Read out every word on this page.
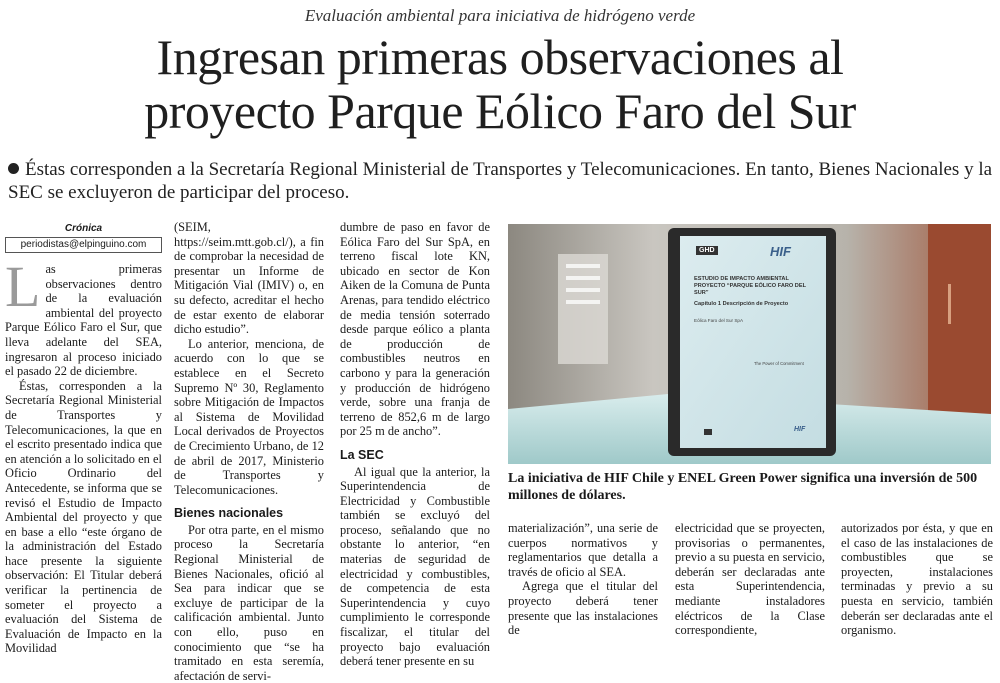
Evaluación ambiental para iniciativa de hidrógeno verde
Ingresan primeras observaciones al
proyecto Parque Eólico Faro del Sur
Éstas corresponden a la Secretaría Regional Ministerial de Transportes y Telecomunicaciones. En tanto, Bienes Nacionales y la SEC se excluyeron de participar del proceso.
Crónica
periodistas@elpinguino.com
L as primeras observaciones dentro de la evaluación ambiental del proyecto Parque Eólico Faro el Sur, que lleva adelante del SEA, ingresaron al proceso iniciado el pasado 22 de diciembre.

Éstas, corresponden a la Secretaría Regional Ministerial de Transportes y Telecomunicaciones, la que en el escrito presentado indica que en atención a lo solicitado en el Oficio Ordinario del Antecedente, se informa que se revisó el Estudio de Impacto Ambiental del proyecto y que en base a ello “este órgano de la administración del Estado hace presente la siguiente observación: El Titular deberá verificar la pertinencia de someter el proyecto a evaluación del Sistema de Evaluación de Impacto en la Movilidad

(SEIM, https://seim.mtt.gob.cl/), a fin de comprobar la necesidad de presentar un Informe de Mitigación Vial (IMIV) o, en su defecto, acreditar el hecho de estar exento de elaborar dicho estudio”.

Lo anterior, menciona, de acuerdo con lo que se establece en el Secreto Supremo Nº 30, Reglamento sobre Mitigación de Impactos al Sistema de Movilidad Local derivados de Proyectos de Crecimiento Urbano, de 12 de abril de 2017, Ministerio de Transportes y Telecomunicaciones.

Bienes nacionales

Por otra parte, en el mismo proceso la Secretaría Regional Ministerial de Bienes Nacionales, ofició al Sea para indicar que se excluye de participar de la calificación ambiental. Junto con ello, puso en conocimiento que “se ha tramitado en esta seremía, afectación de servi-

dumbre de paso en favor de Eólica Faro del Sur SpA, en terreno fiscal lote KN, ubicado en sector de Kon Aiken de la Comuna de Punta Arenas, para tendido eléctrico de media tensión soterrado desde parque eólico a planta de producción de combustibles neutros en carbono y para la generación y producción de hidrógeno verde, sobre una franja de terreno de 852,6 m de largo por 25 m de ancho”.

La SEC

Al igual que la anterior, la Superintendencia de Electricidad y Combustible también se excluyó del proceso, señalando que no obstante lo anterior, “en materias de seguridad de electricidad y combustibles, de competencia de esta Superintendencia y cuyo cumplimiento le corresponde fiscalizar, el titular del proyecto bajo evaluación deberá tener presente en su

GHD	HIF
ESTUDIO DE IMPACTO AMBIENTAL PROYECTO “PARQUE EÓLICO FARO DEL SUR”
Capítulo 1 Descripción de Proyecto
Eólica Faro del Sur SpA
The Power of Commitment
HIF
La iniciativa de HIF Chile y ENEL Green Power significa una inversión de 500 millones de dólares.

materialización”, una serie de cuerpos normativos y reglamentarios que detalla a través de oficio al SEA.

Agrega que el titular del proyecto deberá tener presente que las instalaciones de

electricidad que se proyecten, provisorias o permanentes, previo a su puesta en servicio, deberán ser declaradas ante esta Superintendencia, mediante instaladores eléctricos de la Clase correspondiente,

autorizados por ésta, y que en el caso de las instalaciones de combustibles que se proyecten, instalaciones terminadas y previo a su puesta en servicio, también deberán ser declaradas ante el organismo.
